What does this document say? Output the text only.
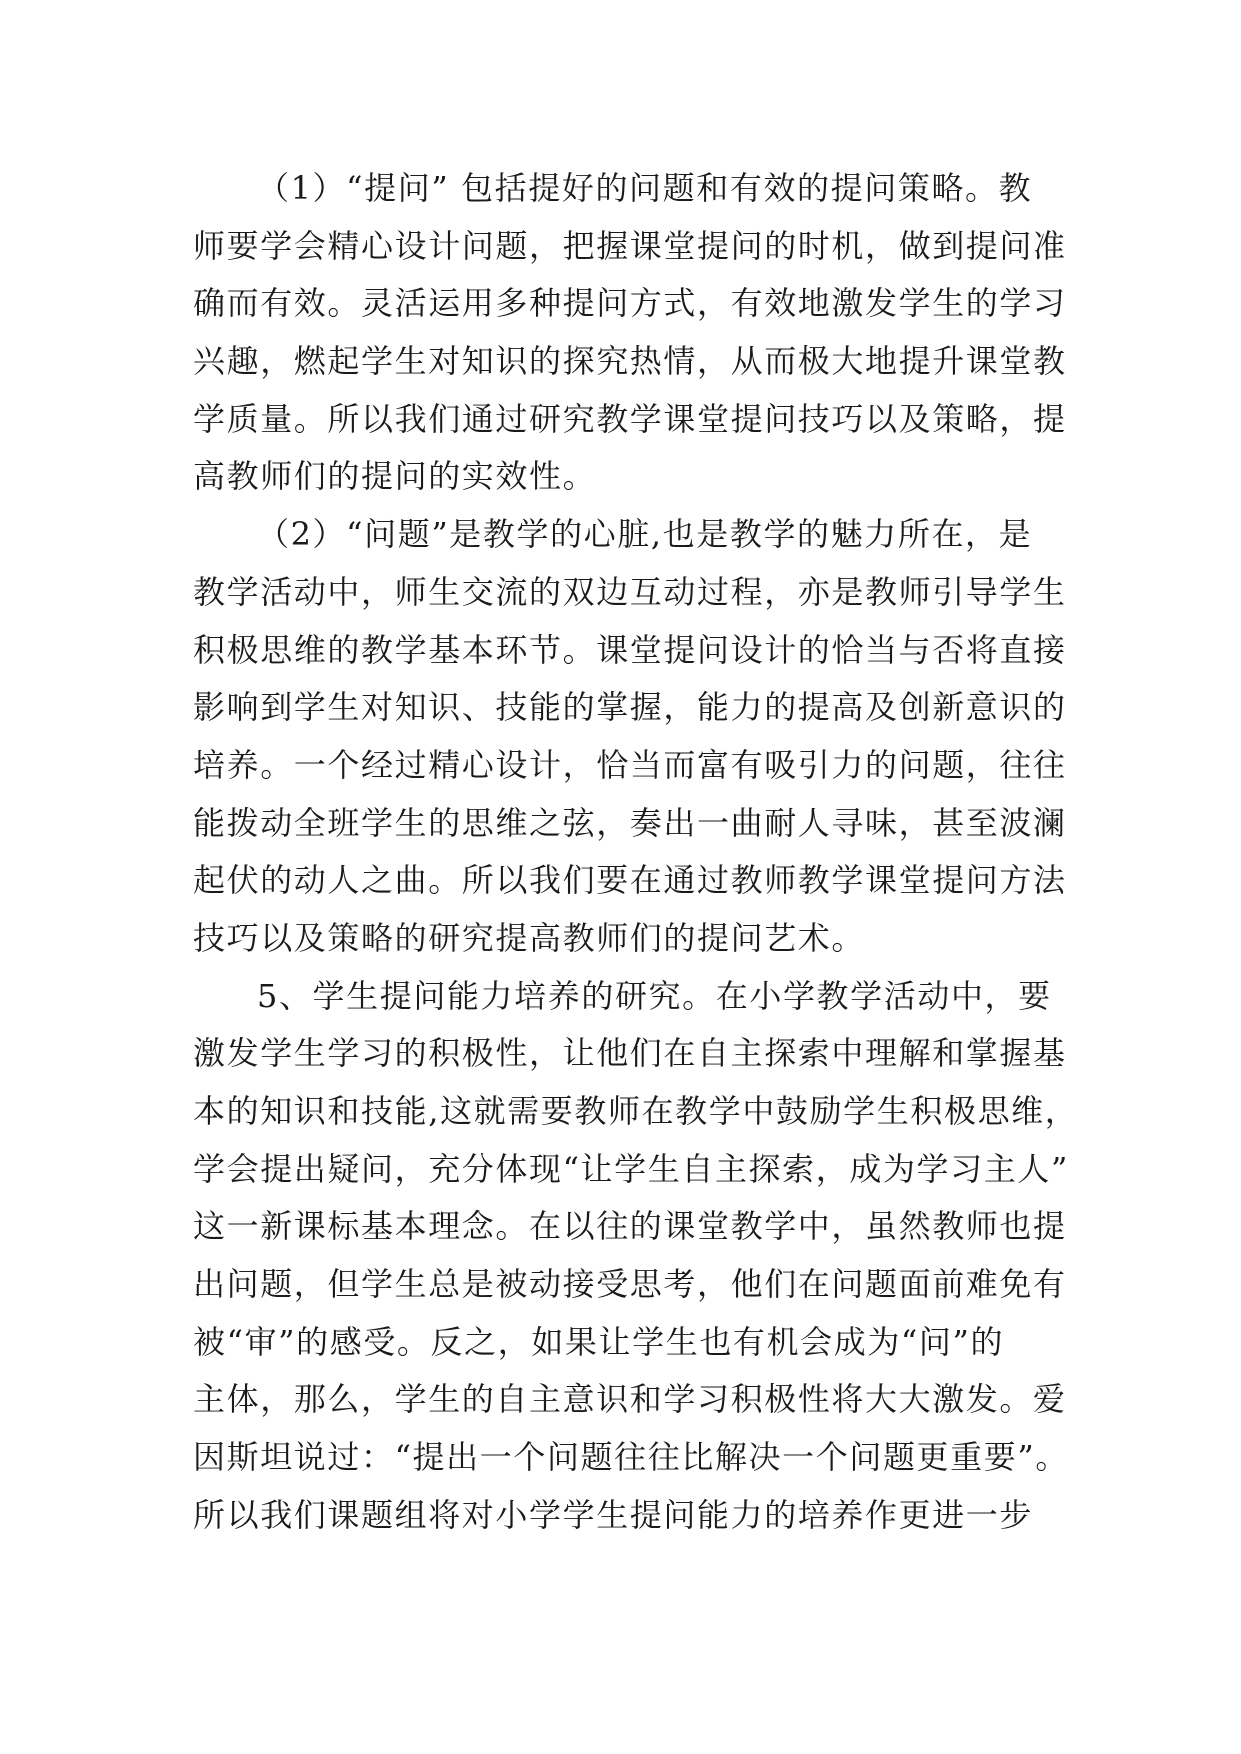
（1）“提问” 包括提好的问题和有效的提问策略。教
师要学会精心设计问题，把握课堂提问的时机，做到提问准
确而有效。灵活运用多种提问方式，有效地激发学生的学习
兴趣，燃起学生对知识的探究热情，从而极大地提升课堂教
学质量。所以我们通过研究教学课堂提问技巧以及策略，提
高教师们的提问的实效性。
（2）“问题”是教学的心脏,也是教学的魅力所在，是
教学活动中，师生交流的双边互动过程，亦是教师引导学生
积极思维的教学基本环节。课堂提问设计的恰当与否将直接
影响到学生对知识、技能的掌握，能力的提高及创新意识的
培养。一个经过精心设计，恰当而富有吸引力的问题，往往
能拨动全班学生的思维之弦，奏出一曲耐人寻味，甚至波澜
起伏的动人之曲。所以我们要在通过教师教学课堂提问方法
技巧以及策略的研究提高教师们的提问艺术。
5、学生提问能力培养的研究。在小学教学活动中，要
激发学生学习的积极性，让他们在自主探索中理解和掌握基
本的知识和技能,这就需要教师在教学中鼓励学生积极思维，
学会提出疑问，充分体现“让学生自主探索，成为学习主人”
这一新课标基本理念。在以往的课堂教学中，虽然教师也提
出问题，但学生总是被动接受思考，他们在问题面前难免有
被“审”的感受。反之，如果让学生也有机会成为“问”的
主体，那么，学生的自主意识和学习积极性将大大激发。爱
因斯坦说过：“提出一个问题往往比解决一个问题更重要”。
所以我们课题组将对小学学生提问能力的培养作更进一步
